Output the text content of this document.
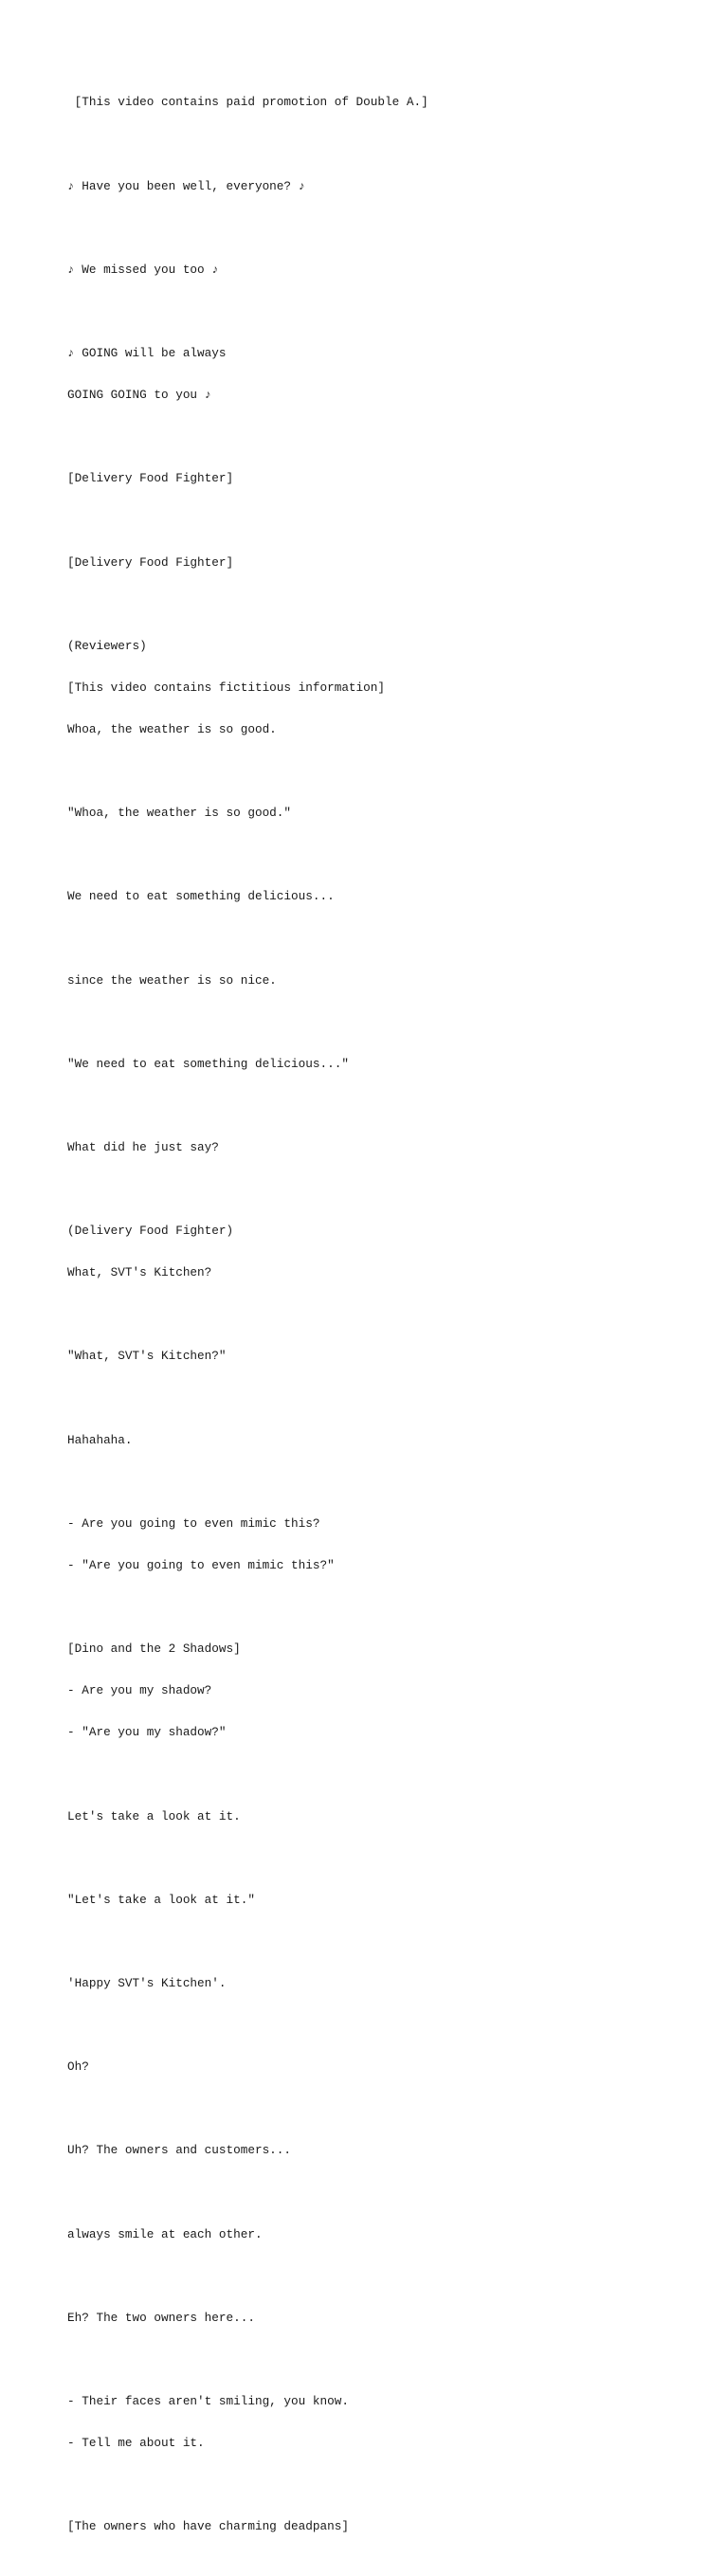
[This video contains paid promotion of Double A.]

♪ Have you been well, everyone? ♪

♪ We missed you too ♪

♪ GOING will be always

GOING GOING to you ♪

[Delivery Food Fighter]

[Delivery Food Fighter]

(Reviewers)

[This video contains fictitious information]

Whoa, the weather is so good.

"Whoa, the weather is so good."

We need to eat something delicious...

since the weather is so nice.

"We need to eat something delicious..."

What did he just say?

(Delivery Food Fighter)

What, SVT's Kitchen?

"What, SVT's Kitchen?"

Hahahaha.

- Are you going to even mimic this?

- "Are you going to even mimic this?"

[Dino and the 2 Shadows]

- Are you my shadow?

- "Are you my shadow?"

Let's take a look at it.

"Let's take a look at it."

'Happy SVT's Kitchen'.

Oh?

Uh? The owners and customers...

always smile at each other.

Eh? The two owners here...

- Their faces aren't smiling, you know.

- Tell me about it.

[The owners who have charming deadpans]
